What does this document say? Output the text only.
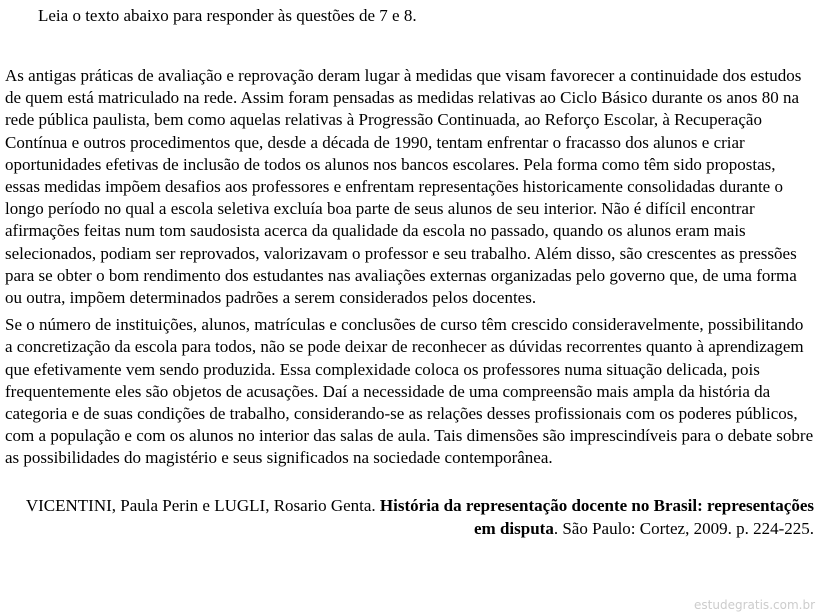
Leia o texto abaixo para responder às questões de 7 e 8.

As antigas práticas de avaliação e reprovação deram lugar à medidas que visam favorecer a continuidade dos estudos de quem está matriculado na rede. Assim foram pensadas as medidas relativas ao Ciclo Básico durante os anos 80 na rede pública paulista, bem como aquelas relativas à Progressão Continuada, ao Reforço Escolar, à Recuperação Contínua e outros procedimentos que, desde a década de 1990, tentam enfrentar o fracasso dos alunos e criar oportunidades efetivas de inclusão de todos os alunos nos bancos escolares. Pela forma como têm sido propostas, essas medidas impõem desafios aos professores e enfrentam representações historicamente consolidadas durante o longo período no qual a escola seletiva excluía boa parte de seus alunos de seu interior. Não é difícil encontrar afirmações feitas num tom saudosista acerca da qualidade da escola no passado, quando os alunos eram mais selecionados, podiam ser reprovados, valorizavam o professor e seu trabalho. Além disso, são crescentes as pressões para se obter o bom rendimento dos estudantes nas avaliações externas organizadas pelo governo que, de uma forma ou outra, impõem determinados padrões a serem considerados pelos docentes.

Se o número de instituições, alunos, matrículas e conclusões de curso têm crescido consideravelmente, possibilitando a concretização da escola para todos, não se pode deixar de reconhecer as dúvidas recorrentes quanto à aprendizagem que efetivamente vem sendo produzida. Essa complexidade coloca os professores numa situação delicada, pois frequentemente eles são objetos de acusações. Daí a necessidade de uma compreensão mais ampla da história da categoria e de suas condições de trabalho, considerando-se as relações desses profissionais com os poderes públicos, com a população e com os alunos no interior das salas de aula. Tais dimensões são imprescindíveis para o debate sobre as possibilidades do magistério e seus significados na sociedade contemporânea.

VICENTINI, Paula Perin e LUGLI, Rosario Genta. História da representação docente no Brasil: representações em disputa. São Paulo: Cortez, 2009. p. 224-225.

estudegratis.com.br
